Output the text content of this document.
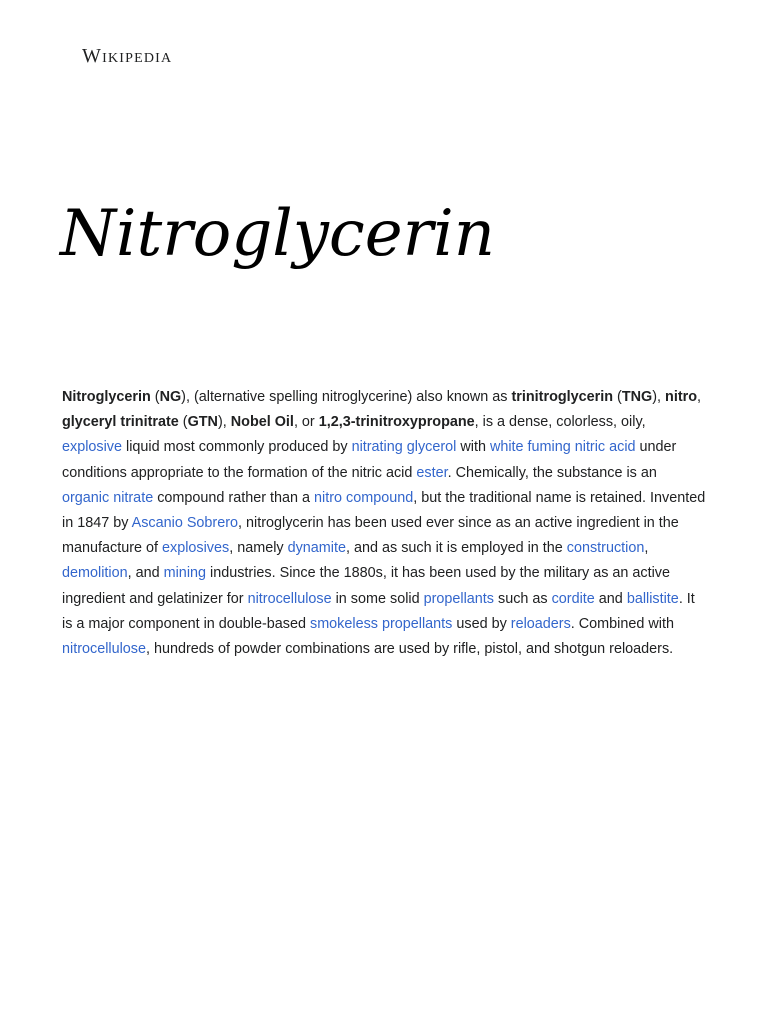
Wikipedia
Nitroglycerin

Nitroglycerin (NG), (alternative spelling nitroglycerine) also known as trinitroglycerin (TNG), nitro, glyceryl trinitrate (GTN), Nobel Oil, or 1,2,3-trinitroxypropane, is a dense, colorless, oily, explosive liquid most commonly produced by nitrating glycerol with white fuming nitric acid under conditions appropriate to the formation of the nitric acid ester. Chemically, the substance is an organic nitrate compound rather than a nitro compound, but the traditional name is retained. Invented in 1847 by Ascanio Sobrero, nitroglycerin has been used ever since as an active ingredient in the manufacture of explosives, namely dynamite, and as such it is employed in the construction, demolition, and mining industries. Since the 1880s, it has been used by the military as an active ingredient and gelatinizer for nitrocellulose in some solid propellants such as cordite and ballistite. It is a major component in double-based smokeless propellants used by reloaders. Combined with nitrocellulose, hundreds of powder combinations are used by rifle, pistol, and shotgun reloaders.
